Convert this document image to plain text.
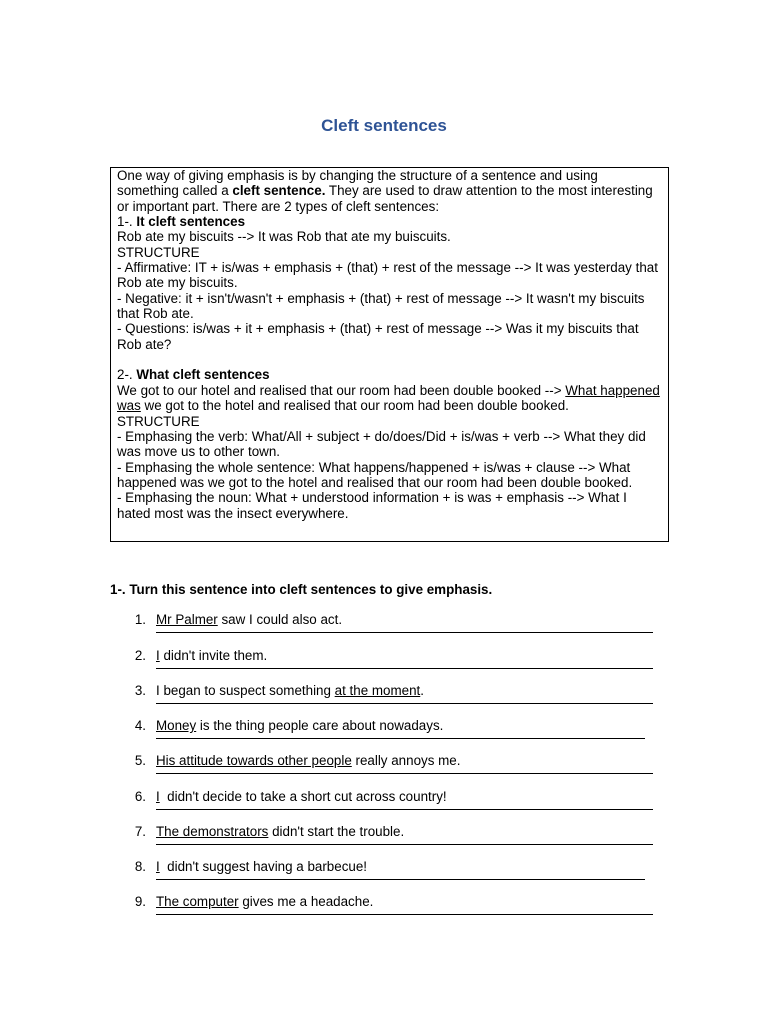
Cleft sentences

One way of giving emphasis is by changing the structure of a sentence and using something called a cleft sentence. They are used to draw attention to the most interesting or important part. There are 2 types of cleft sentences:

1-. It cleft sentences

Rob ate my biscuits --> It was Rob that ate my buiscuits.

STRUCTURE

- Affirmative: IT + is/was + emphasis + (that) + rest of the message --> It was yesterday that Rob ate my biscuits.

- Negative: it + isn't/wasn't + emphasis + (that) + rest of message --> It wasn't my biscuits that Rob ate.

- Questions: is/was + it + emphasis + (that) + rest of message --> Was it my biscuits that Rob ate?

2-. What cleft sentences

We got to our hotel and realised that our room had been double booked --> What happened was we got to the hotel and realised that our room had been double booked.

STRUCTURE

- Emphasing the verb: What/All + subject + do/does/Did + is/was + verb --> What they did was move us to other town.

- Emphasing the whole sentence: What happens/happened + is/was + clause --> What happened was we got to the hotel and realised that our room had been double booked.

- Emphasing the noun: What + understood information + is was + emphasis --> What I hated most was the insect everywhere.

1-. Turn this sentence into cleft sentences to give emphasis.
1. Mr Palmer saw I could also act.
2. I didn't invite them.
3. I began to suspect something at the moment.
4. Money is the thing people care about nowadays.
5. His attitude towards other people really annoys me.
6. I  didn't decide to take a short cut across country!
7. The demonstrators didn't start the trouble.
8. I  didn't suggest having a barbecue!
9. The computer gives me a headache.
